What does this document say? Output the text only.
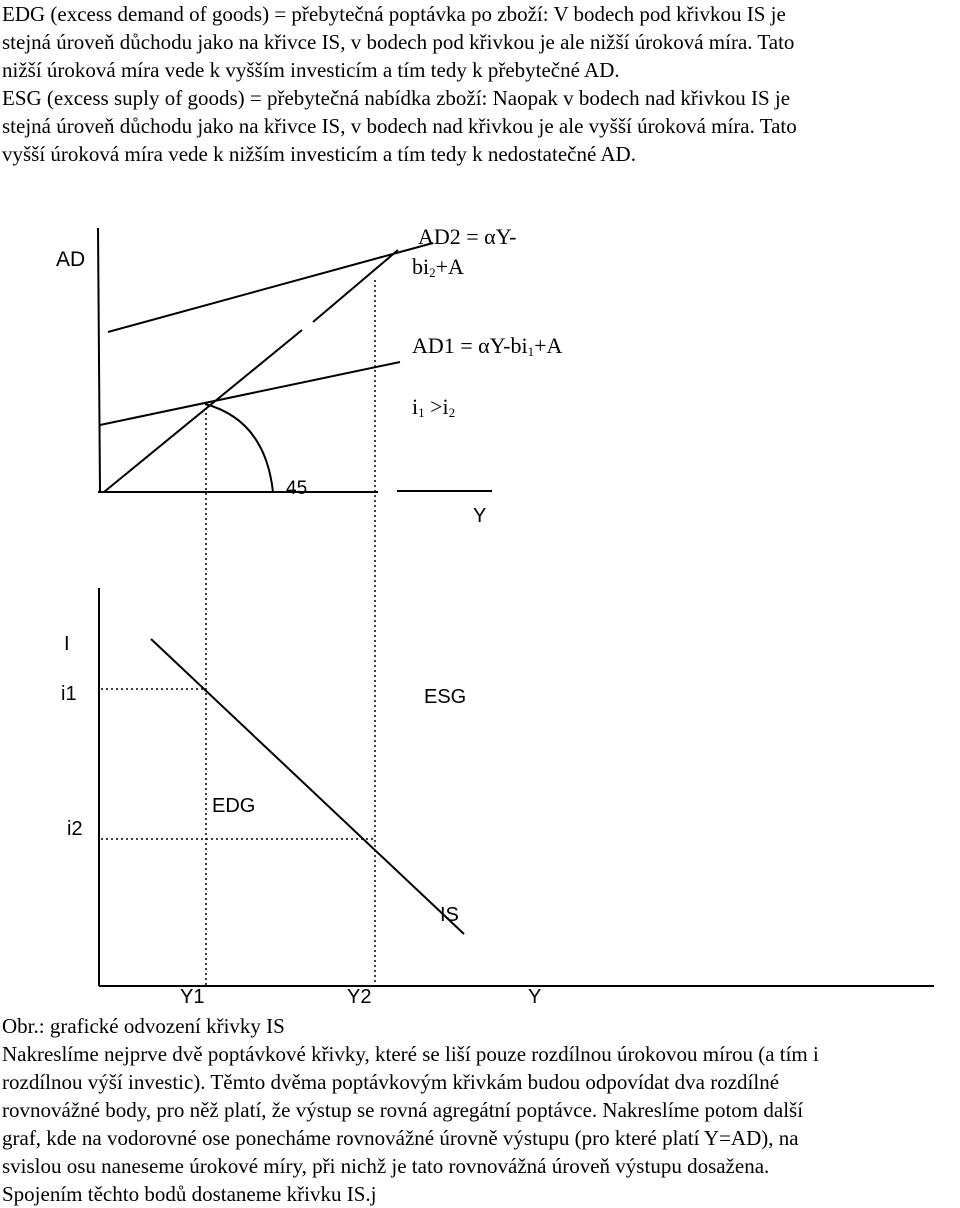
EDG (excess demand of goods) = přebytečná poptávka po zboží: V bodech pod křivkou IS je
stejná úroveň důchodu jako na křivce IS, v bodech pod křivkou je ale nižší úroková míra. Tato
nižší úroková míra vede k vyšším investicím a tím tedy k přebytečné AD.
ESG (excess suply of goods) = přebytečná nabídka zboží: Naopak v bodech nad křivkou IS je
stejná úroveň důchodu jako na křivce IS, v bodech nad křivkou je ale vyšší úroková míra. Tato
vyšší úroková míra vede k nižším investicím a tím tedy k nedostatečné AD.
AD
AD2 = αY-
$bi_2+A$
$AD1 = \alpha Y-bi_1+A$
$i_1 >i_2$
45
Y
I
i1	ESG
EDG
i2
IS
Y1	Y2	Y
Obr.: grafické odvození křivky IS
Nakreslíme nejprve dvě poptávkové křivky, které se liší pouze rozdílnou úrokovou mírou (a tím i
rozdílnou výší investic). Těmto dvěma poptávkovým křivkám budou odpovídat dva rozdílné
rovnovážné body, pro něž platí, že výstup se rovná agregátní poptávce. Nakreslíme potom další
graf, kde na vodorovné ose ponecháme rovnovážné úrovně výstupu (pro které platí Y=AD), na
svislou osu naneseme úrokové míry, při nichž je tato rovnovážná úroveň výstupu dosažena.
Spojením těchto bodů dostaneme křivku IS.j
